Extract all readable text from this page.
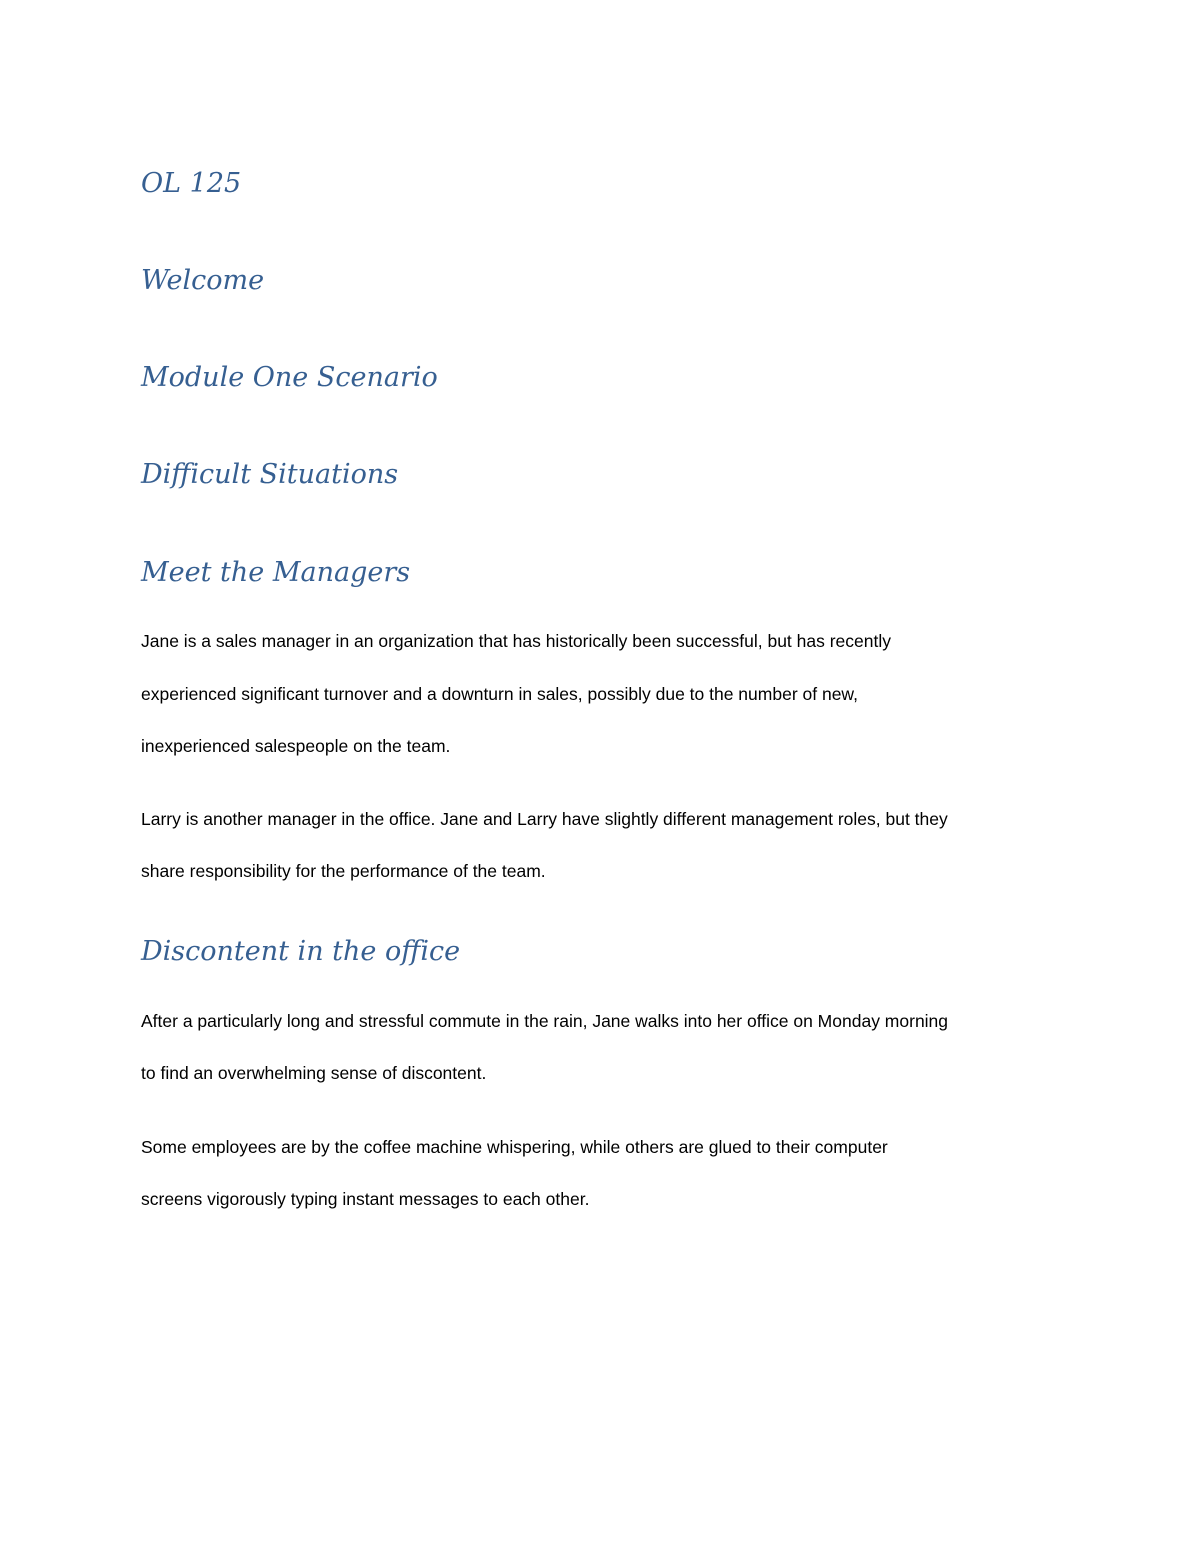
OL 125
Welcome
Module One Scenario
Difficult Situations
Meet the Managers

Jane is a sales manager in an organization that has historically been successful, but has recently

experienced significant turnover and a downturn in sales, possibly due to the number of new,

inexperienced salespeople on the team.

Larry is another manager in the office. Jane and Larry have slightly different management roles, but they

share responsibility for the performance of the team.

Discontent in the office

After a particularly long and stressful commute in the rain, Jane walks into her office on Monday morning

to find an overwhelming sense of discontent.

Some employees are by the coffee machine whispering, while others are glued to their computer

screens vigorously typing instant messages to each other.
